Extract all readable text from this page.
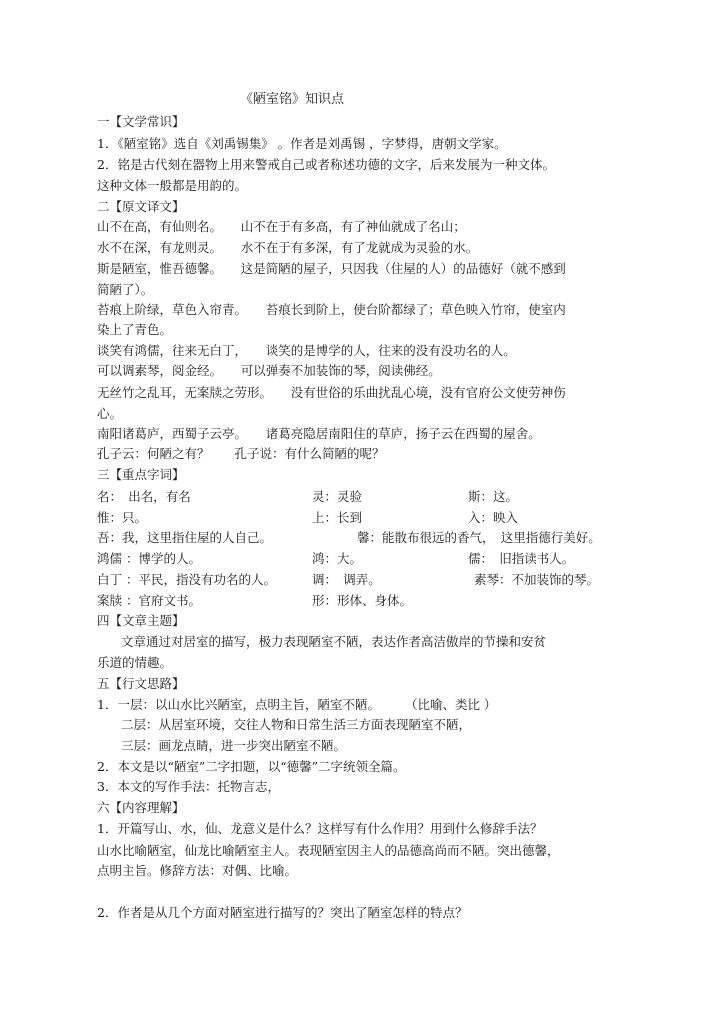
《陋室铭》知识点
一【文学常识】
1．《陋室铭》选自《刘禹锡集》 。作者是刘禹锡 ，字梦得，唐朝文学家。
2．铭是古代刻在器物上用来警戒自己或者称述功德的文字，后来发展为一种文体。
这种文体一般都是用韵的。
二【原文译文】
山不在高，有仙则名。　　山不在于有多高，有了神仙就成了名山；
水不在深，有龙则灵。　　水不在于有多深，有了龙就成为灵验的水。
斯是陋室，惟吾德馨。　　这是简陋的屋子，只因我（住屋的人）的品德好（就不感到
简陋了）。
苔痕上阶绿，草色入帘青。　　苔痕长到阶上，使台阶都绿了；草色映入竹帘，使室内
染上了青色。
谈笑有鸿儒，往来无白丁，　　谈笑的是博学的人，往来的没有没功名的人。
可以调素琴，阅金经。　　可以弹奏不加装饰的琴，阅读佛经。
无丝竹之乱耳，无案牍之劳形。　　没有世俗的乐曲扰乱心境，没有官府公文使劳神伤
心。
南阳诸葛庐，西蜀子云亭。　　诸葛亮隐居南阳住的草庐，扬子云在西蜀的屋舍。
孔子云：何陋之有？　　孔子说：有什么简陋的呢？
三【重点字词】
名：　出名，有名	灵：灵验	斯：这。
惟：只。	上：长到	入：映入
吾：我，这里指住屋的人自己。	馨：能散布很远的香气，　这里指德行美好。
鸿儒 ：博学的人。	鸿：大。	儒：　旧指读书人。
白丁 ：平民，指没有功名的人。	调：　调弄。	素琴：不加装饰的琴。
案牍 ：官府文书。	形：形体、身体。
四【文章主题】
文章通过对居室的描写，极力表现陋室不陋，表达作者高洁傲岸的节操和安贫
乐道的情趣。
五【行文思路】
1．一层：以山水比兴陋室，点明主旨，陋室不陋。　　　（比喻、类比 ）
二层：从居室环境，交往人物和日常生活三方面表现陋室不陋，
三层：画龙点睛，进一步突出陋室不陋。
2．本文是以“陋室”二字扣题，以“德馨”二字统领全篇。
3．本文的写作手法：托物言志，
六【内容理解】
1．开篇写山、水，仙、龙意义是什么？这样写有什么作用？用到什么修辞手法？
山水比喻陋室，仙龙比喻陋室主人。表现陋室因主人的品德高尚而不陋。突出德馨，
点明主旨。修辞方法：对偶、比喻。
2．作者是从几个方面对陋室进行描写的？突出了陋室怎样的特点？
